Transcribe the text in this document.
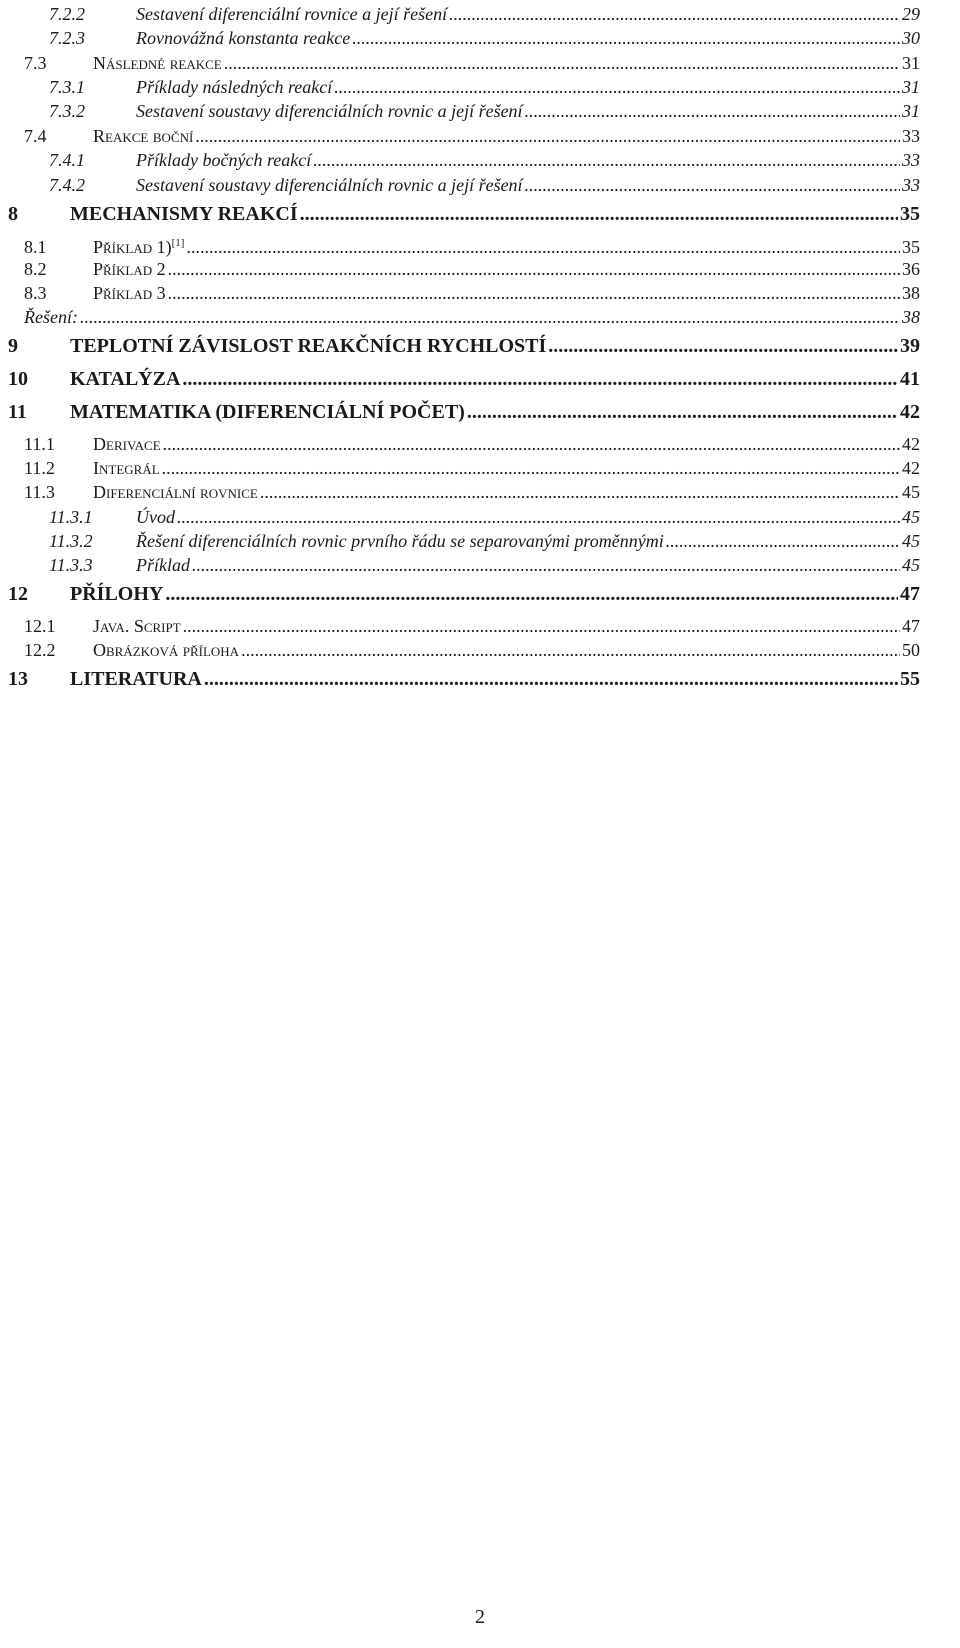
7.2.2	Sestavení diferenciální rovnice a její řešení .....	29
7.2.3	Rovnovážná konstanta reakce .....	30
7.3	Následné reakce .....	31
7.3.1	Příklady následných reakcí .....	31
7.3.2	Sestavení soustavy diferenciálních rovnic a její řešení .....	31
7.4	Reakce boční .....	33
7.4.1	Příklady bočných reakcí .....	33
7.4.2	Sestavení soustavy diferenciálních rovnic a její řešení .....	33
8	MECHANISMY REAKCÍ .....	35
8.1	Příklad 1)[1] .....	35
8.2	Příklad 2 .....	36
8.3	Příklad 3 .....	38
Řešení: .....	38
9	TEPLOTNÍ ZÁVISLOST REAKČNÍCH RYCHLOSTÍ .....	39
10 KATALÝZA .....	41
11 MATEMATIKA (DIFERENCIÁLNÍ POČET) .....	42
11.1 Derivace .....	42
11.2 Integrál .....	42
11.3 Diferenciální rovnice .....	45
11.3.1 Úvod .....	45
11.3.2 Řešení diferenciálních rovnic prvního řádu se separovanými proměnnými .....	45
11.3.3 Příklad .....	45
12 PŘÍLOHY .....	47
12.1 Java. Script .....	47
12.2 Obrázková příloha .....	50
13 LITERATURA .....	55
2
